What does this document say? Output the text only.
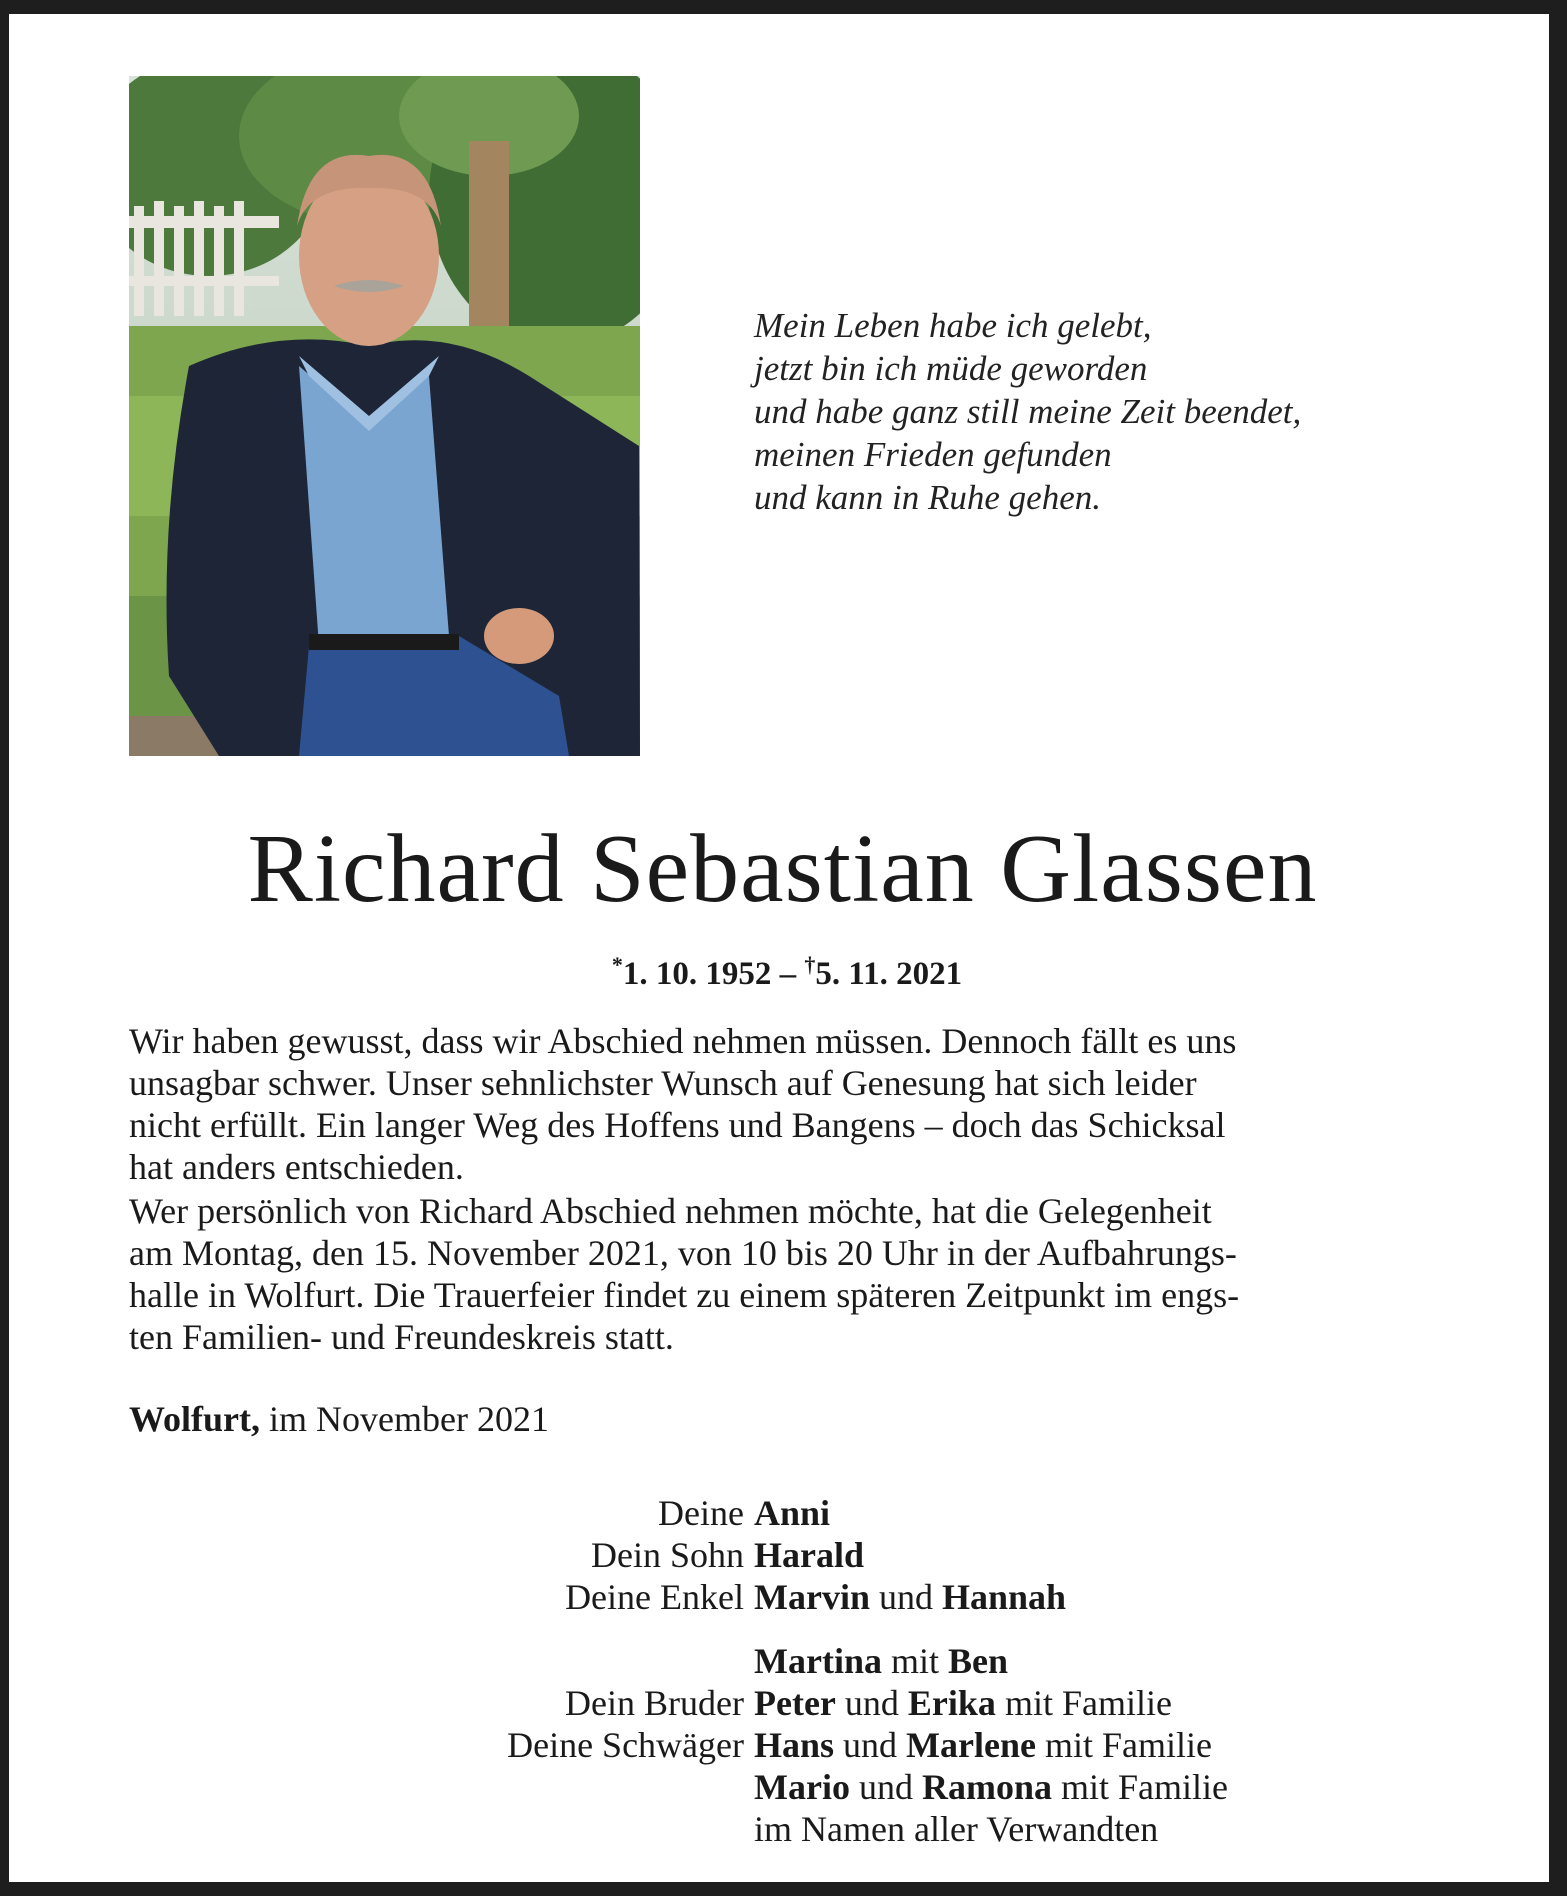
Mein Leben habe ich gelebt,
jetzt bin ich müde geworden
und habe ganz still meine Zeit beendet,
meinen Frieden gefunden
und kann in Ruhe gehen.
Richard Sebastian Glassen
*1. 10. 1952 – †5. 11. 2021
Wir haben gewusst, dass wir Abschied nehmen müssen. Dennoch fällt es uns
unsagbar schwer. Unser sehnlichster Wunsch auf Genesung hat sich leider
nicht erfüllt. Ein langer Weg des Hoffens und Bangens – doch das Schicksal
hat anders entschieden.
Wer persönlich von Richard Abschied nehmen möchte, hat die Gelegenheit
am Montag, den 15. November 2021, von 10 bis 20 Uhr in der Aufbahrungs-
halle in Wolfurt. Die Trauerfeier findet zu einem späteren Zeitpunkt im engs-
ten Familien- und Freundeskreis statt.
Wolfurt, im November 2021
Deine Anni
Dein Sohn Harald
Deine Enkel Marvin und Hannah
Martina mit Ben
Dein Bruder Peter und Erika mit Familie
Deine Schwäger Hans und Marlene mit Familie
Mario und Ramona mit Familie
im Namen aller Verwandten
